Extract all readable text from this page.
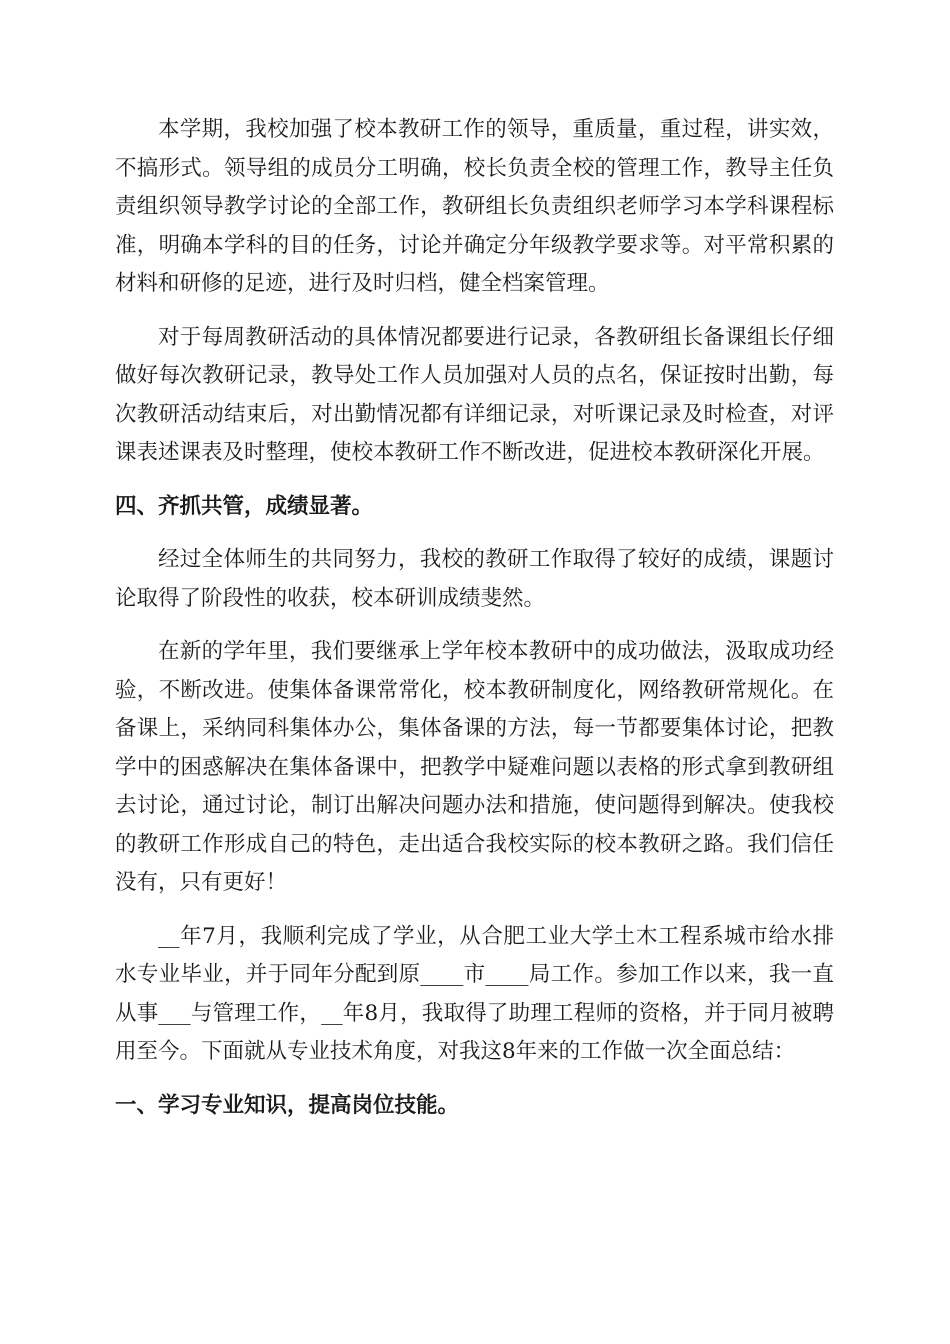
本学期，我校加强了校本教研工作的领导，重质量，重过程，讲实效，不搞形式。领导组的成员分工明确，校长负责全校的管理工作，教导主任负责组织领导教学讨论的全部工作，教研组长负责组织老师学习本学科课程标准，明确本学科的目的任务，讨论并确定分年级教学要求等。对平常积累的材料和研修的足迹，进行及时归档，健全档案管理。

对于每周教研活动的具体情况都要进行记录，各教研组长备课组长仔细做好每次教研记录，教导处工作人员加强对人员的点名，保证按时出勤，每次教研活动结束后，对出勤情况都有详细记录，对听课记录及时检查，对评课表述课表及时整理，使校本教研工作不断改进，促进校本教研深化开展。

四、齐抓共管，成绩显著。

经过全体师生的共同努力，我校的教研工作取得了较好的成绩，课题讨论取得了阶段性的收获，校本研训成绩斐然。

在新的学年里，我们要继承上学年校本教研中的成功做法，汲取成功经验，不断改进。使集体备课常常化，校本教研制度化，网络教研常规化。在备课上，采纳同科集体办公，集体备课的方法，每一节都要集体讨论，把教学中的困惑解决在集体备课中，把教学中疑难问题以表格的形式拿到教研组去讨论，通过讨论，制订出解决问题办法和措施，使问题得到解决。使我校的教研工作形成自己的特色，走出适合我校实际的校本教研之路。我们信任没有，只有更好！

__年7月，我顺利完成了学业，从合肥工业大学土木工程系城市给水排水专业毕业，并于同年分配到原____市____局工作。参加工作以来，我一直从事___与管理工作，__年8月，我取得了助理工程师的资格，并于同月被聘用至今。下面就从专业技术角度，对我这8年来的工作做一次全面总结：

一、学习专业知识，提高岗位技能。
